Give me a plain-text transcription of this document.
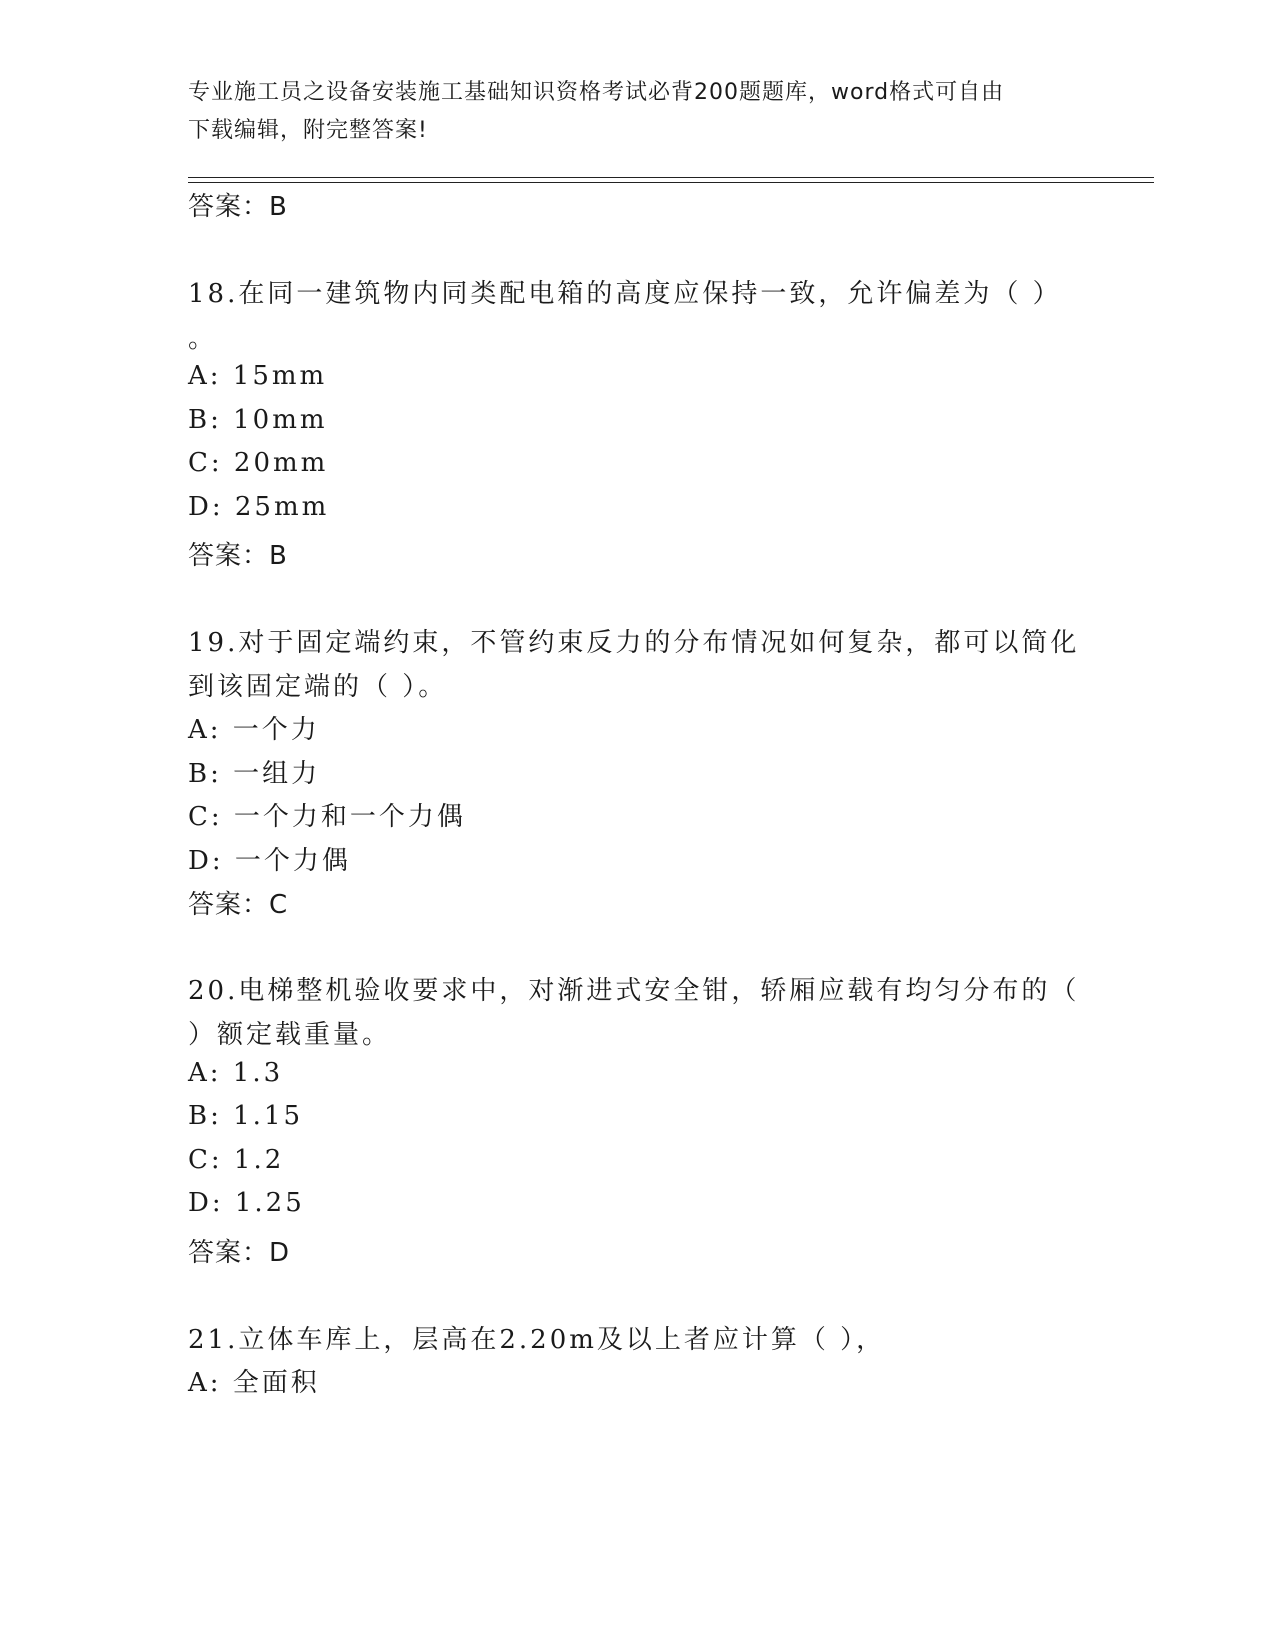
专业施工员之设备安装施工基础知识资格考试必背200题题库，word格式可自由
下载编辑，附完整答案!
答案：B
18.在同一建筑物内同类配电箱的高度应保持一致，允许偏差为（ ）
。
A: 15mm
B: 10mm
C: 20mm
D: 25mm
答案：B
19.对于固定端约束，不管约束反力的分布情况如何复杂，都可以简化
到该固定端的（ ）。
A: 一个力
B: 一组力
C: 一个力和一个力偶
D: 一个力偶
答案：C
20.电梯整机验收要求中，对渐进式安全钳，轿厢应载有均匀分布的（
）额定载重量。
A: 1.3
B: 1.15
C: 1.2
D: 1.25
答案：D
21.立体车库上，层高在2.20m及以上者应计算（ ），
A: 全面积
